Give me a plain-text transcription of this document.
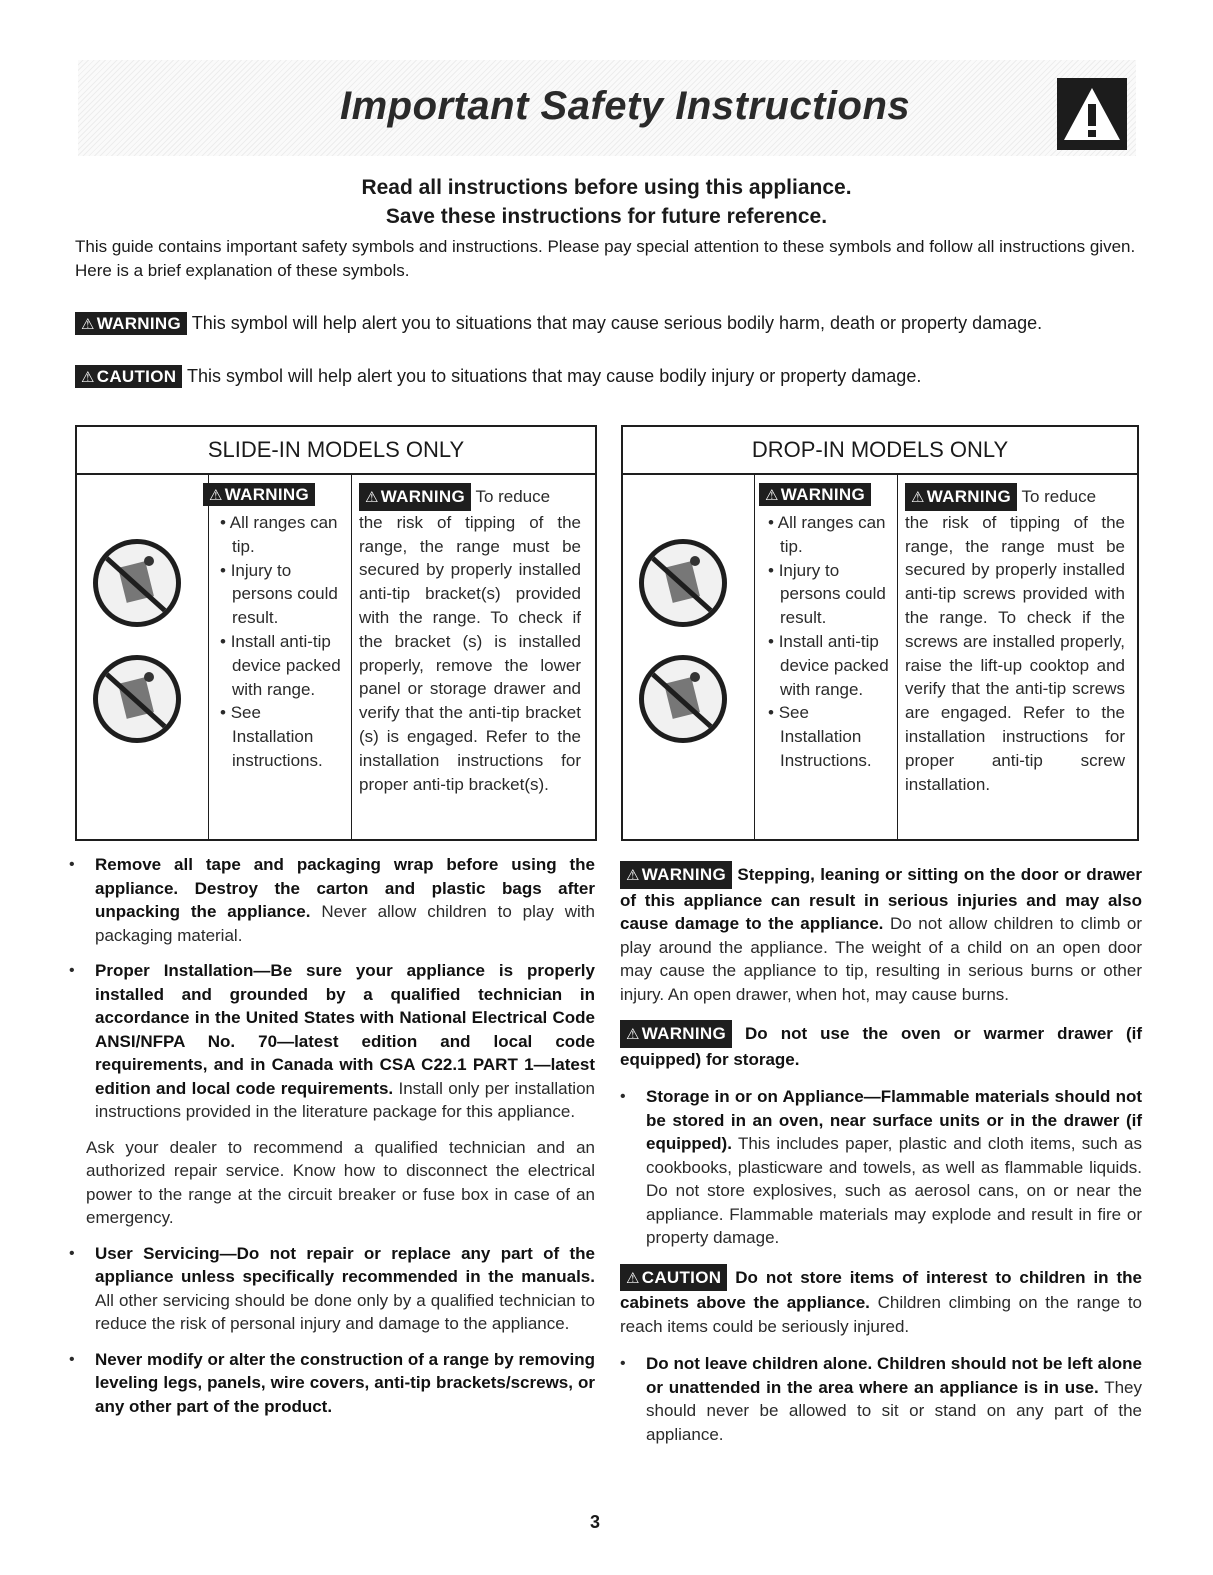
Important Safety Instructions
Read all instructions before using this appliance.
Save these instructions for future reference.
This guide contains important safety symbols and instructions. Please pay special attention to these symbols and follow all instructions given. Here is a brief explanation of these symbols.
⚠ WARNING This symbol will help alert you to situations that may cause serious bodily harm, death or property damage.
⚠ CAUTION This symbol will help alert you to situations that may cause bodily injury or property damage.
SLIDE-IN MODELS ONLY
⚠ WARNING
• All ranges can tip.
• Injury to persons could result.
• Install anti-tip device packed with range.
• See Installation instructions.
⚠ WARNING To reduce
the risk of tipping of the range, the range must be secured by properly installed anti-tip bracket(s) provided with the range. To check if the bracket (s) is installed properly, remove the lower panel or storage drawer and verify that the anti-tip bracket (s) is engaged. Refer to the installation instructions for proper anti-tip bracket(s).
DROP-IN MODELS ONLY
⚠ WARNING
• All ranges can tip.
• Injury to persons could result.
• Install anti-tip device packed with range.
• See Installation Instructions.
⚠ WARNING To reduce
the risk of tipping of the range, the range must be secured by properly installed anti-tip screws provided with the range. To check if the screws are installed properly, raise the lift-up cooktop and verify that the anti-tip screws are engaged. Refer to the installation instructions for proper anti-tip screw installation.
• Remove all tape and packaging wrap before using the appliance. Destroy the carton and plastic bags after unpacking the appliance. Never allow children to play with packaging material.
• Proper Installation—Be sure your appliance is properly installed and grounded by a qualified technician in accordance in the United States with National Electrical Code ANSI/NFPA No. 70—latest edition and local code requirements, and in Canada with CSA C22.1 PART 1—latest edition and local code requirements. Install only per installation instructions provided in the literature package for this appliance.
Ask your dealer to recommend a qualified technician and an authorized repair service. Know how to disconnect the electrical power to the range at the circuit breaker or fuse box in case of an emergency.
• User Servicing—Do not repair or replace any part of the appliance unless specifically recommended in the manuals. All other servicing should be done only by a qualified technician to reduce the risk of personal injury and damage to the appliance.
• Never modify or alter the construction of a range by removing leveling legs, panels, wire covers, anti-tip brackets/screws, or any other part of the product.
⚠ WARNING Stepping, leaning or sitting on the door or drawer of this appliance can result in serious injuries and may also cause damage to the appliance. Do not allow children to climb or play around the appliance. The weight of a child on an open door may cause the appliance to tip, resulting in serious burns or other injury. An open drawer, when hot, may cause burns.
⚠ WARNING Do not use the oven or warmer drawer (if equipped) for storage.
• Storage in or on Appliance—Flammable materials should not be stored in an oven, near surface units or in the drawer (if equipped). This includes paper, plastic and cloth items, such as cookbooks, plasticware and towels, as well as flammable liquids. Do not store explosives, such as aerosol cans, on or near the appliance. Flammable materials may explode and result in fire or property damage.
⚠ CAUTION Do not store items of interest to children in the cabinets above the appliance. Children climbing on the range to reach items could be seriously injured.
• Do not leave children alone. Children should not be left alone or unattended in the area where an appliance is in use. They should never be allowed to sit or stand on any part of the appliance.
3
